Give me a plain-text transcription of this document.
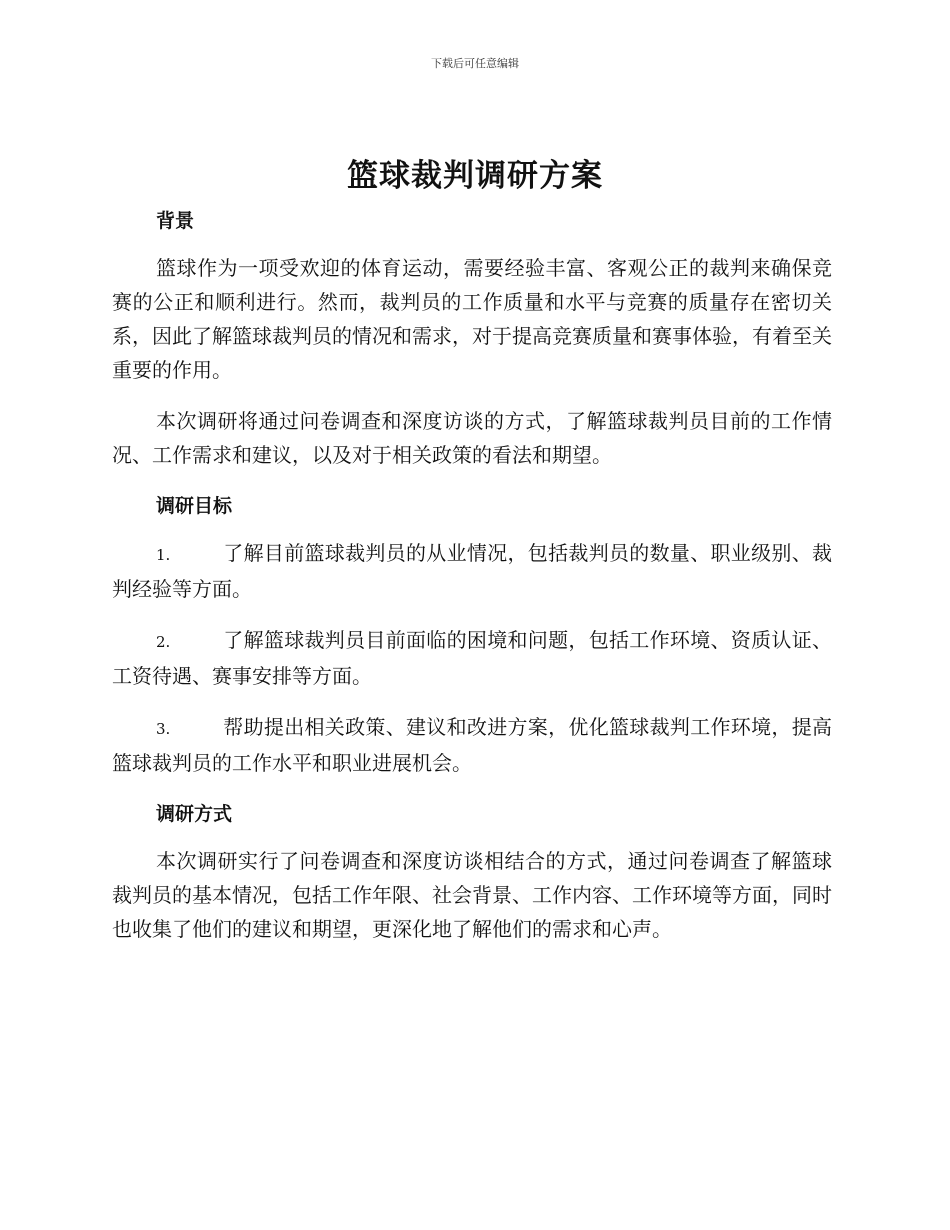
下载后可任意编辑
篮球裁判调研方案
背景

篮球作为一项受欢迎的体育运动，需要经验丰富、客观公正的裁判来确保竞赛的公正和顺利进行。然而，裁判员的工作质量和水平与竞赛的质量存在密切关系，因此了解篮球裁判员的情况和需求，对于提高竞赛质量和赛事体验，有着至关重要的作用。

本次调研将通过问卷调查和深度访谈的方式，了解篮球裁判员目前的工作情况、工作需求和建议，以及对于相关政策的看法和期望。

调研目标

1.	了解目前篮球裁判员的从业情况，包括裁判员的数量、职业级别、裁判经验等方面。

2.	了解篮球裁判员目前面临的困境和问题，包括工作环境、资质认证、工资待遇、赛事安排等方面。

3.	帮助提出相关政策、建议和改进方案，优化篮球裁判工作环境，提高篮球裁判员的工作水平和职业进展机会。

调研方式

本次调研实行了问卷调查和深度访谈相结合的方式，通过问卷调查了解篮球裁判员的基本情况，包括工作年限、社会背景、工作内容、工作环境等方面，同时也收集了他们的建议和期望，更深化地了解他们的需求和心声。
